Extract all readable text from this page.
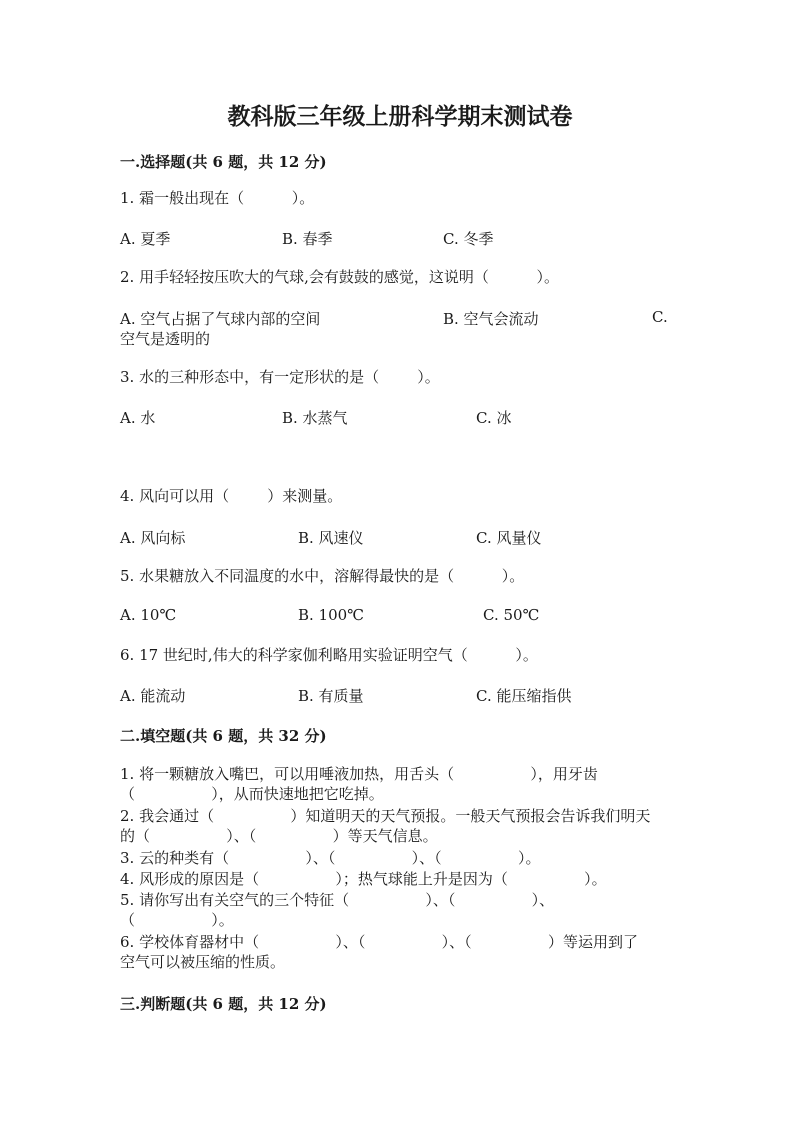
教科版三年级上册科学期末测试卷
一.选择题(共 6 题，共 12 分)
1. 霜一般出现在（          ）。
A. 夏季	B. 春季	C. 冬季
2. 用手轻轻按压吹大的气球,会有鼓鼓的感觉，这说明（          ）。
A. 空气占据了气球内部的空间	B. 空气会流动	C.
空气是透明的
3. 水的三种形态中，有一定形状的是（        ）。
A. 水	B. 水蒸气	C. 冰
4. 风向可以用（        ）来测量。
A. 风向标	B. 风速仪	C. 风量仪
5. 水果糖放入不同温度的水中，溶解得最快的是（          ）。
A. 10℃	B. 100℃	C. 50℃
6. 17 世纪时,伟大的科学家伽利略用实验证明空气（          ）。
A. 能流动	B. 有质量	C. 能压缩指供
二.填空题(共 6 题，共 32 分)
1. 将一颗糖放入嘴巴，可以用唾液加热，用舌头（                ），用牙齿
（                ），从而快速地把它吃掉。
2. 我会通过（                ）知道明天的天气预报。一般天气预报会告诉我们明天
的（                ）、（                ）等天气信息。
3. 云的种类有（                ）、（                ）、（                ）。
4. 风形成的原因是（                ）；热气球能上升是因为（                ）。
5. 请你写出有关空气的三个特征（                ）、（                ）、
（                ）。
6. 学校体育器材中（                ）、（                ）、（                ）等运用到了
空气可以被压缩的性质。
三.判断题(共 6 题，共 12 分)
